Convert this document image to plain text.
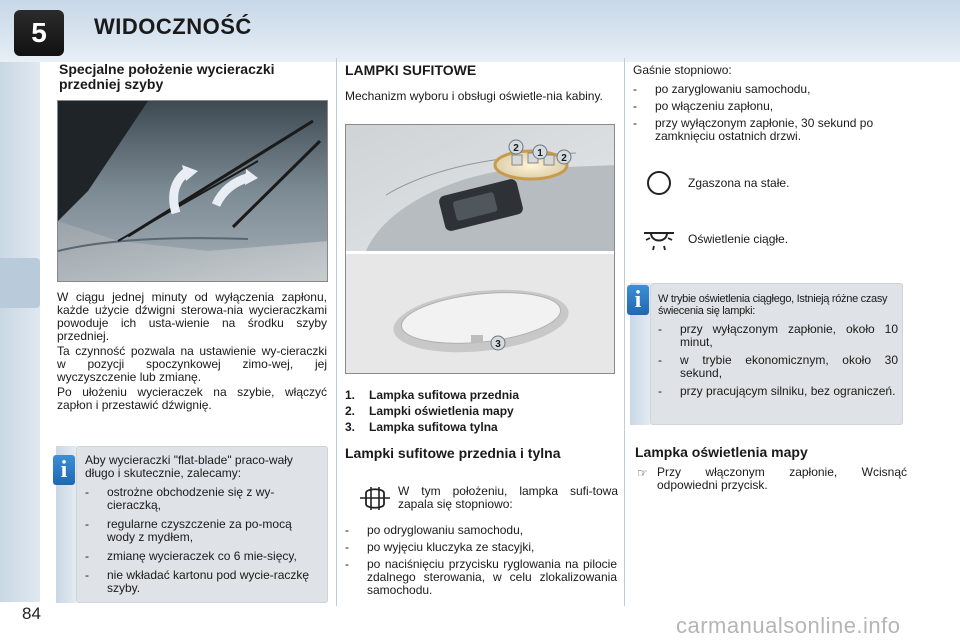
5	WIDOCZNOŚĆ
Specjalne położenie wycieraczki przedniej szyby

W ciągu jednej minuty od wyłączenia zapłonu, każde użycie dźwigni sterowa-nia wycieraczkami powoduje ich usta-wienie na środku szyby przedniej.

Ta czynność pozwala na ustawienie wy-cieraczki w pozycji spoczynkowej zimo-wej, jej wyczyszczenie lub zmianę.

Po ułożeniu wycieraczek na szybie, włączyć zapłon i przestawić dźwignię.

i	Aby wycieraczki "flat-blade" praco-wały długo i skutecznie, zalecamy:
- ostrożne obchodzenie się z wy-cieraczką,
- regularne czyszczenie za po-mocą wody z mydłem,
- zmianę wycieraczek co 6 mie-sięcy,
- nie wkładać kartonu pod wycie-raczkę szyby.
84
LAMPKI SUFITOWE

Mechanizm wyboru i obsługi oświetle-nia kabiny.

2 1 2
3
1. Lampka sufitowa przednia
2. Lampki oświetlenia mapy
3. Lampka sufitowa tylna
Lampki sufitowe przednia i tylna
W tym położeniu, lampka sufi-towa zapala się stopniowo:
- po odryglowaniu samochodu,
- po wyjęciu kluczyka ze stacyjki,
- po naciśnięciu przycisku ryglowania na pilocie zdalnego sterowania, w celu zlokalizowania samochodu.
Gaśnie stopniowo:
- po zaryglowaniu samochodu,
- po włączeniu zapłonu,
- przy wyłączonym zapłonie, 30 sekund po zamknięciu ostatnich drzwi.
Zgaszona na stałe.
Oświetlenie ciągłe.
i	W trybie oświetlenia ciągłego, Istnieją różne czasy świecenia się lampki:
- przy wyłączonym zapłonie, około 10 minut,
- w trybie ekonomicznym, około 30 sekund,
- przy pracującym silniku, bez ograniczeń.
Lampka oświetlenia mapy
☞ Przy włączonym zapłonie, Wcisnąć odpowiedni przycisk.
carmanualsonline.info
